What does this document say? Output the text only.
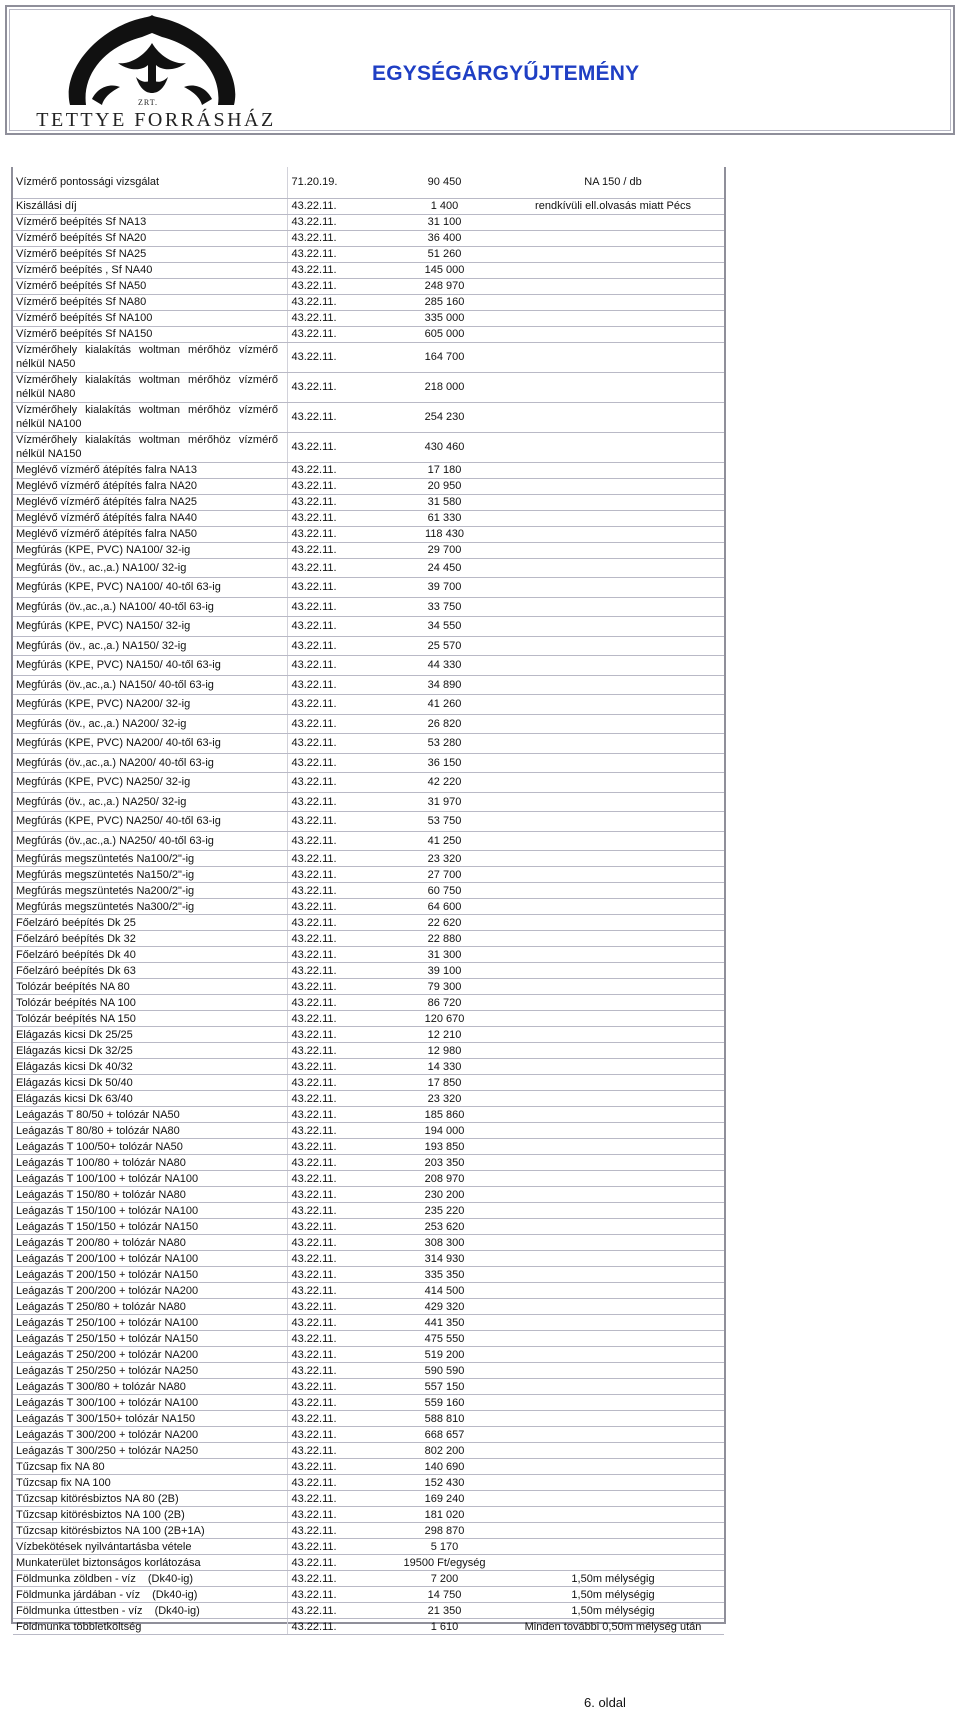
ZRT.
TETTYE FORRÁSHÁZ
EGYSÉGÁRGYŰJTEMÉNY
Vízmérő pontossági vizsgálat	71.20.19.	90 450	NA 150 / db
Kiszállási díj	43.22.11.	1 400	rendkívüli ell.olvasás miatt Pécs
Vízmérő beépítés Sf NA13	43.22.11.	31 100	
Vízmérő beépítés Sf NA20	43.22.11.	36 400	
Vízmérő beépítés Sf NA25	43.22.11.	51 260	
Vízmérő beépítés , Sf NA40	43.22.11.	145 000	
Vízmérő beépítés Sf NA50	43.22.11.	248 970	
Vízmérő beépítés Sf NA80	43.22.11.	285 160	
Vízmérő beépítés Sf NA100	43.22.11.	335 000	
Vízmérő beépítés Sf NA150	43.22.11.	605 000	

Vízmérőhely kialakítás woltman mérőhöz vízmérő nélkül NA50	43.22.11.	164 700	

Vízmérőhely kialakítás woltman mérőhöz vízmérő nélkül NA80	43.22.11.	218 000	

Vízmérőhely kialakítás woltman mérőhöz vízmérő nélkül NA100	43.22.11.	254 230	

Vízmérőhely kialakítás woltman mérőhöz vízmérő nélkül NA150	43.22.11.	430 460	
Meglévő vízmérő átépítés falra NA13	43.22.11.	17 180	
Meglévő vízmérő átépítés falra NA20	43.22.11.	20 950	
Meglévő vízmérő átépítés falra NA25	43.22.11.	31 580	
Meglévő vízmérő átépítés falra NA40	43.22.11.	61 330	
Meglévő vízmérő átépítés falra NA50	43.22.11.	118 430	
Megfúrás (KPE, PVC) NA100/ 32-ig	43.22.11.	29 700	
Megfúrás (öv., ac.,a.) NA100/ 32-ig	43.22.11.	24 450	
Megfúrás (KPE, PVC) NA100/ 40-től 63-ig	43.22.11.	39 700	
Megfúrás (öv.,ac.,a.) NA100/ 40-től 63-ig	43.22.11.	33 750	
Megfúrás (KPE, PVC) NA150/ 32-ig	43.22.11.	34 550	
Megfúrás (öv., ac.,a.) NA150/ 32-ig	43.22.11.	25 570	
Megfúrás (KPE, PVC) NA150/ 40-től 63-ig	43.22.11.	44 330	
Megfúrás (öv.,ac.,a.) NA150/ 40-től 63-ig	43.22.11.	34 890	
Megfúrás (KPE, PVC) NA200/ 32-ig	43.22.11.	41 260	
Megfúrás (öv., ac.,a.) NA200/ 32-ig	43.22.11.	26 820	
Megfúrás (KPE, PVC) NA200/ 40-től 63-ig	43.22.11.	53 280	
Megfúrás (öv.,ac.,a.) NA200/ 40-től 63-ig	43.22.11.	36 150	
Megfúrás (KPE, PVC) NA250/ 32-ig	43.22.11.	42 220	
Megfúrás (öv., ac.,a.) NA250/ 32-ig	43.22.11.	31 970	
Megfúrás (KPE, PVC) NA250/ 40-től 63-ig	43.22.11.	53 750	
Megfúrás (öv.,ac.,a.) NA250/ 40-től 63-ig	43.22.11.	41 250	
Megfúrás megszüntetés Na100/2"-ig	43.22.11.	23 320	
Megfúrás megszüntetés Na150/2"-ig	43.22.11.	27 700	
Megfúrás megszüntetés Na200/2"-ig	43.22.11.	60 750	
Megfúrás megszüntetés Na300/2"-ig	43.22.11.	64 600	
Főelzáró beépítés Dk 25	43.22.11.	22 620	
Főelzáró beépítés Dk 32	43.22.11.	22 880	
Főelzáró beépítés Dk 40	43.22.11.	31 300	
Főelzáró beépítés Dk 63	43.22.11.	39 100	
Tolózár beépítés NA 80	43.22.11.	79 300	
Tolózár beépítés NA 100	43.22.11.	86 720	
Tolózár beépítés NA 150	43.22.11.	120 670	
Elágazás kicsi Dk 25/25	43.22.11.	12 210	
Elágazás kicsi Dk 32/25	43.22.11.	12 980	
Elágazás kicsi Dk 40/32	43.22.11.	14 330	
Elágazás kicsi Dk 50/40	43.22.11.	17 850	
Elágazás kicsi Dk 63/40	43.22.11.	23 320	
Leágazás T 80/50 + tolózár NA50	43.22.11.	185 860	
Leágazás T 80/80 + tolózár NA80	43.22.11.	194 000	
Leágazás T 100/50+ tolózár NA50	43.22.11.	193 850	
Leágazás T 100/80 + tolózár NA80	43.22.11.	203 350	
Leágazás T 100/100 + tolózár NA100	43.22.11.	208 970	
Leágazás T 150/80 + tolózár NA80	43.22.11.	230 200	
Leágazás T 150/100 + tolózár NA100	43.22.11.	235 220	
Leágazás T 150/150 + tolózár NA150	43.22.11.	253 620	
Leágazás T 200/80 + tolózár NA80	43.22.11.	308 300	
Leágazás T 200/100 + tolózár NA100	43.22.11.	314 930	
Leágazás T 200/150 + tolózár NA150	43.22.11.	335 350	
Leágazás T 200/200 + tolózár NA200	43.22.11.	414 500	
Leágazás T 250/80 + tolózár NA80	43.22.11.	429 320	
Leágazás T 250/100 + tolózár NA100	43.22.11.	441 350	
Leágazás T 250/150 + tolózár NA150	43.22.11.	475 550	
Leágazás T 250/200 + tolózár NA200	43.22.11.	519 200	
Leágazás T 250/250 + tolózár NA250	43.22.11.	590 590	
Leágazás T 300/80 + tolózár NA80	43.22.11.	557 150	
Leágazás T 300/100 + tolózár NA100	43.22.11.	559 160	
Leágazás T 300/150+ tolózár NA150	43.22.11.	588 810	
Leágazás T 300/200 + tolózár NA200	43.22.11.	668 657	
Leágazás T 300/250 + tolózár NA250	43.22.11.	802 200	
Tűzcsap fix NA 80	43.22.11.	140 690	
Tűzcsap fix NA 100	43.22.11.	152 430	
Tűzcsap kitörésbiztos NA 80 (2B)	43.22.11.	169 240	
Tűzcsap kitörésbiztos NA 100 (2B)	43.22.11.	181 020	
Tűzcsap kitörésbiztos NA 100 (2B+1A)	43.22.11.	298 870	
Vízbekötések nyilvántartásba vétele	43.22.11.	5 170	
Munkaterület biztonságos korlátozása	43.22.11.	19500 Ft/egység	

Földmunka zöldben - víz (Dk40-ig)	43.22.11.	7 200	1,50m mélységig

Földmunka járdában - víz (Dk40-ig)	43.22.11.	14 750	1,50m mélységig

Földmunka úttestben - víz (Dk40-ig)	43.22.11.	21 350	1,50m mélységig
Földmunka többletköltség	43.22.11.	1 610	Minden további 0,50m mélység után
6. oldal
